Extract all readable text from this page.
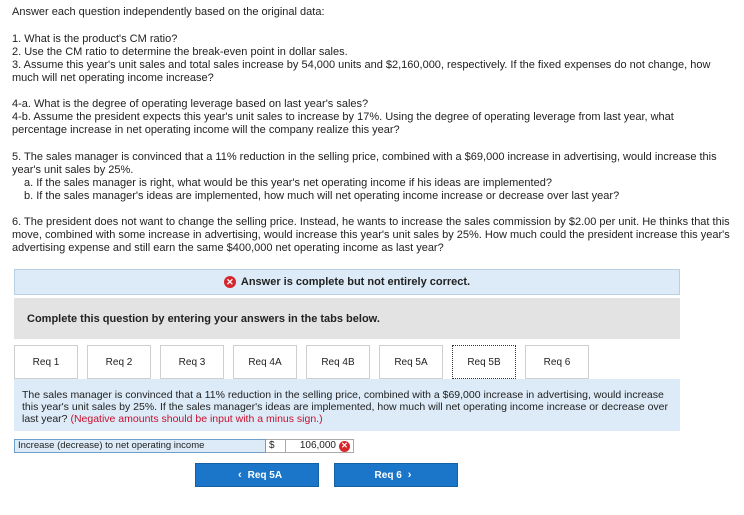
Answer each question independently based on the original data:

1. What is the product's CM ratio?

2. Use the CM ratio to determine the break-even point in dollar sales.

3. Assume this year's unit sales and total sales increase by 54,000 units and $2,160,000, respectively. If the fixed expenses do not change, how much will net operating income increase?

4-a. What is the degree of operating leverage based on last year's sales?

4-b. Assume the president expects this year's unit sales to increase by 17%. Using the degree of operating leverage from last year, what percentage increase in net operating income will the company realize this year?

5. The sales manager is convinced that a 11% reduction in the selling price, combined with a $69,000 increase in advertising, would increase this year's unit sales by 25%.

a. If the sales manager is right, what would be this year's net operating income if his ideas are implemented?

b. If the sales manager's ideas are implemented, how much will net operating income increase or decrease over last year?

6. The president does not want to change the selling price. Instead, he wants to increase the sales commission by $2.00 per unit. He thinks that this move, combined with some increase in advertising, would increase this year's unit sales by 25%. How much could the president increase this year's advertising expense and still earn the same $400,000 net operating income as last year?

✕ Answer is complete but not entirely correct.
Complete this question by entering your answers in the tabs below.
Req 1	Req 2	Req 3	Req 4A	Req 4B	Req 5A	Req 5B	Req 6
The sales manager is convinced that a 11% reduction in the selling price, combined with a $69,000 increase in advertising, would increase this year's unit sales by 25%. If the sales manager's ideas are implemented, how much will net operating income increase or decrease over last year? (Negative amounts should be input with a minus sign.)
Increase (decrease) to net operating income	$	106,000 ✕
‹ Req 5A	Req 6 ›
